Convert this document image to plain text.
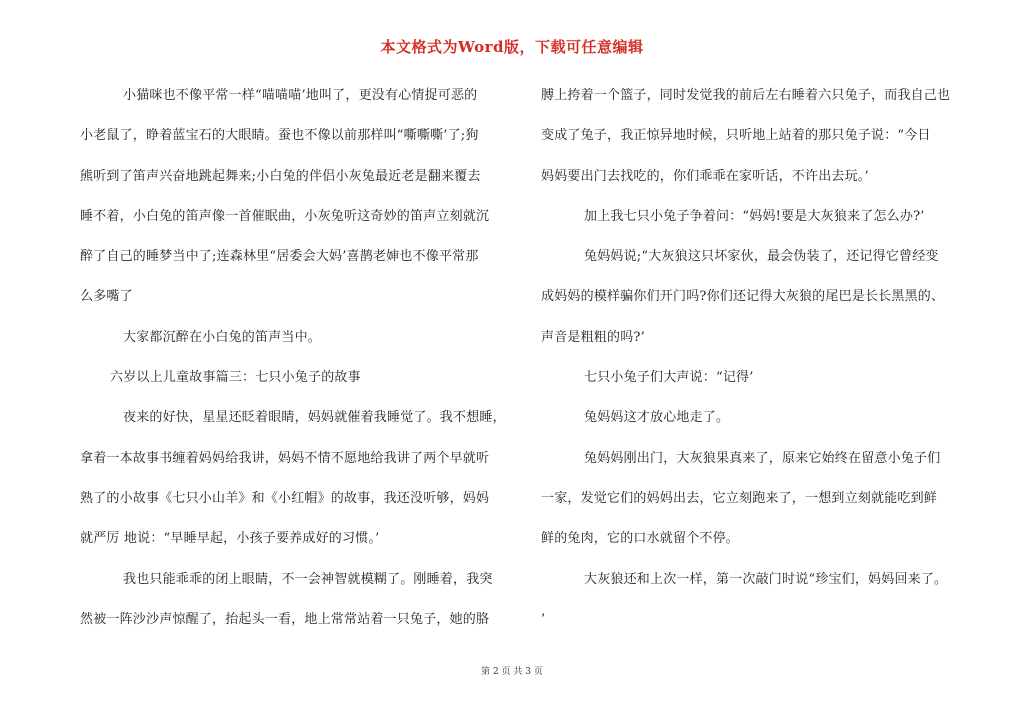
本文格式为Word版，下载可任意编辑
小猫咪也不像平常一样“喵喵喵’地叫了，更没有心情捉可恶的
小老鼠了，睁着蓝宝石的大眼睛。蚕也不像以前那样叫“嘶嘶嘶’了;狗
熊听到了笛声兴奋地跳起舞来;小白兔的伴侣小灰兔最近老是翻来覆去
睡不着，小白兔的笛声像一首催眠曲，小灰兔听这奇妙的笛声立刻就沉
醉了自己的睡梦当中了;连森林里“居委会大妈’喜鹊老婶也不像平常那
么多嘴了
大家都沉醉在小白兔的笛声当中。
六岁以上儿童故事篇三：七只小兔子的故事
夜来的好快，星星还眨着眼睛，妈妈就催着我睡觉了。我不想睡，
拿着一本故事书缠着妈妈给我讲，妈妈不情不愿地给我讲了两个早就听
熟了的小故事《七只小山羊》和《小红帽》的故事，我还没听够，妈妈
就严厉 地说：“早睡早起，小孩子要养成好的习惯。’
我也只能乖乖的闭上眼睛，不一会神智就模糊了。刚睡着，我突
然被一阵沙沙声惊醒了，抬起头一看，地上常常站着一只兔子，她的胳
膊上挎着一个篮子，同时发觉我的前后左右睡着六只兔子，而我自己也
变成了兔子，我正惊异地时候，只听地上站着的那只兔子说：“今日
妈妈要出门去找吃的，你们乖乖在家听话，不许出去玩。’
加上我七只小兔子争着问：“妈妈!要是大灰狼来了怎么办?’
兔妈妈说;“大灰狼这只坏家伙，最会伪装了，还记得它曾经变
成妈妈的模样骗你们开门吗?你们还记得大灰狼的尾巴是长长黑黑的、
声音是粗粗的吗?’
七只小兔子们大声说：“记得’
兔妈妈这才放心地走了。
兔妈妈刚出门，大灰狼果真来了，原来它始终在留意小兔子们
一家，发觉它们的妈妈出去，它立刻跑来了，一想到立刻就能吃到鲜
鲜的兔肉，它的口水就留个不停。
大灰狼还和上次一样，第一次敲门时说“珍宝们，妈妈回来了。
’
第 2 页 共 3 页
